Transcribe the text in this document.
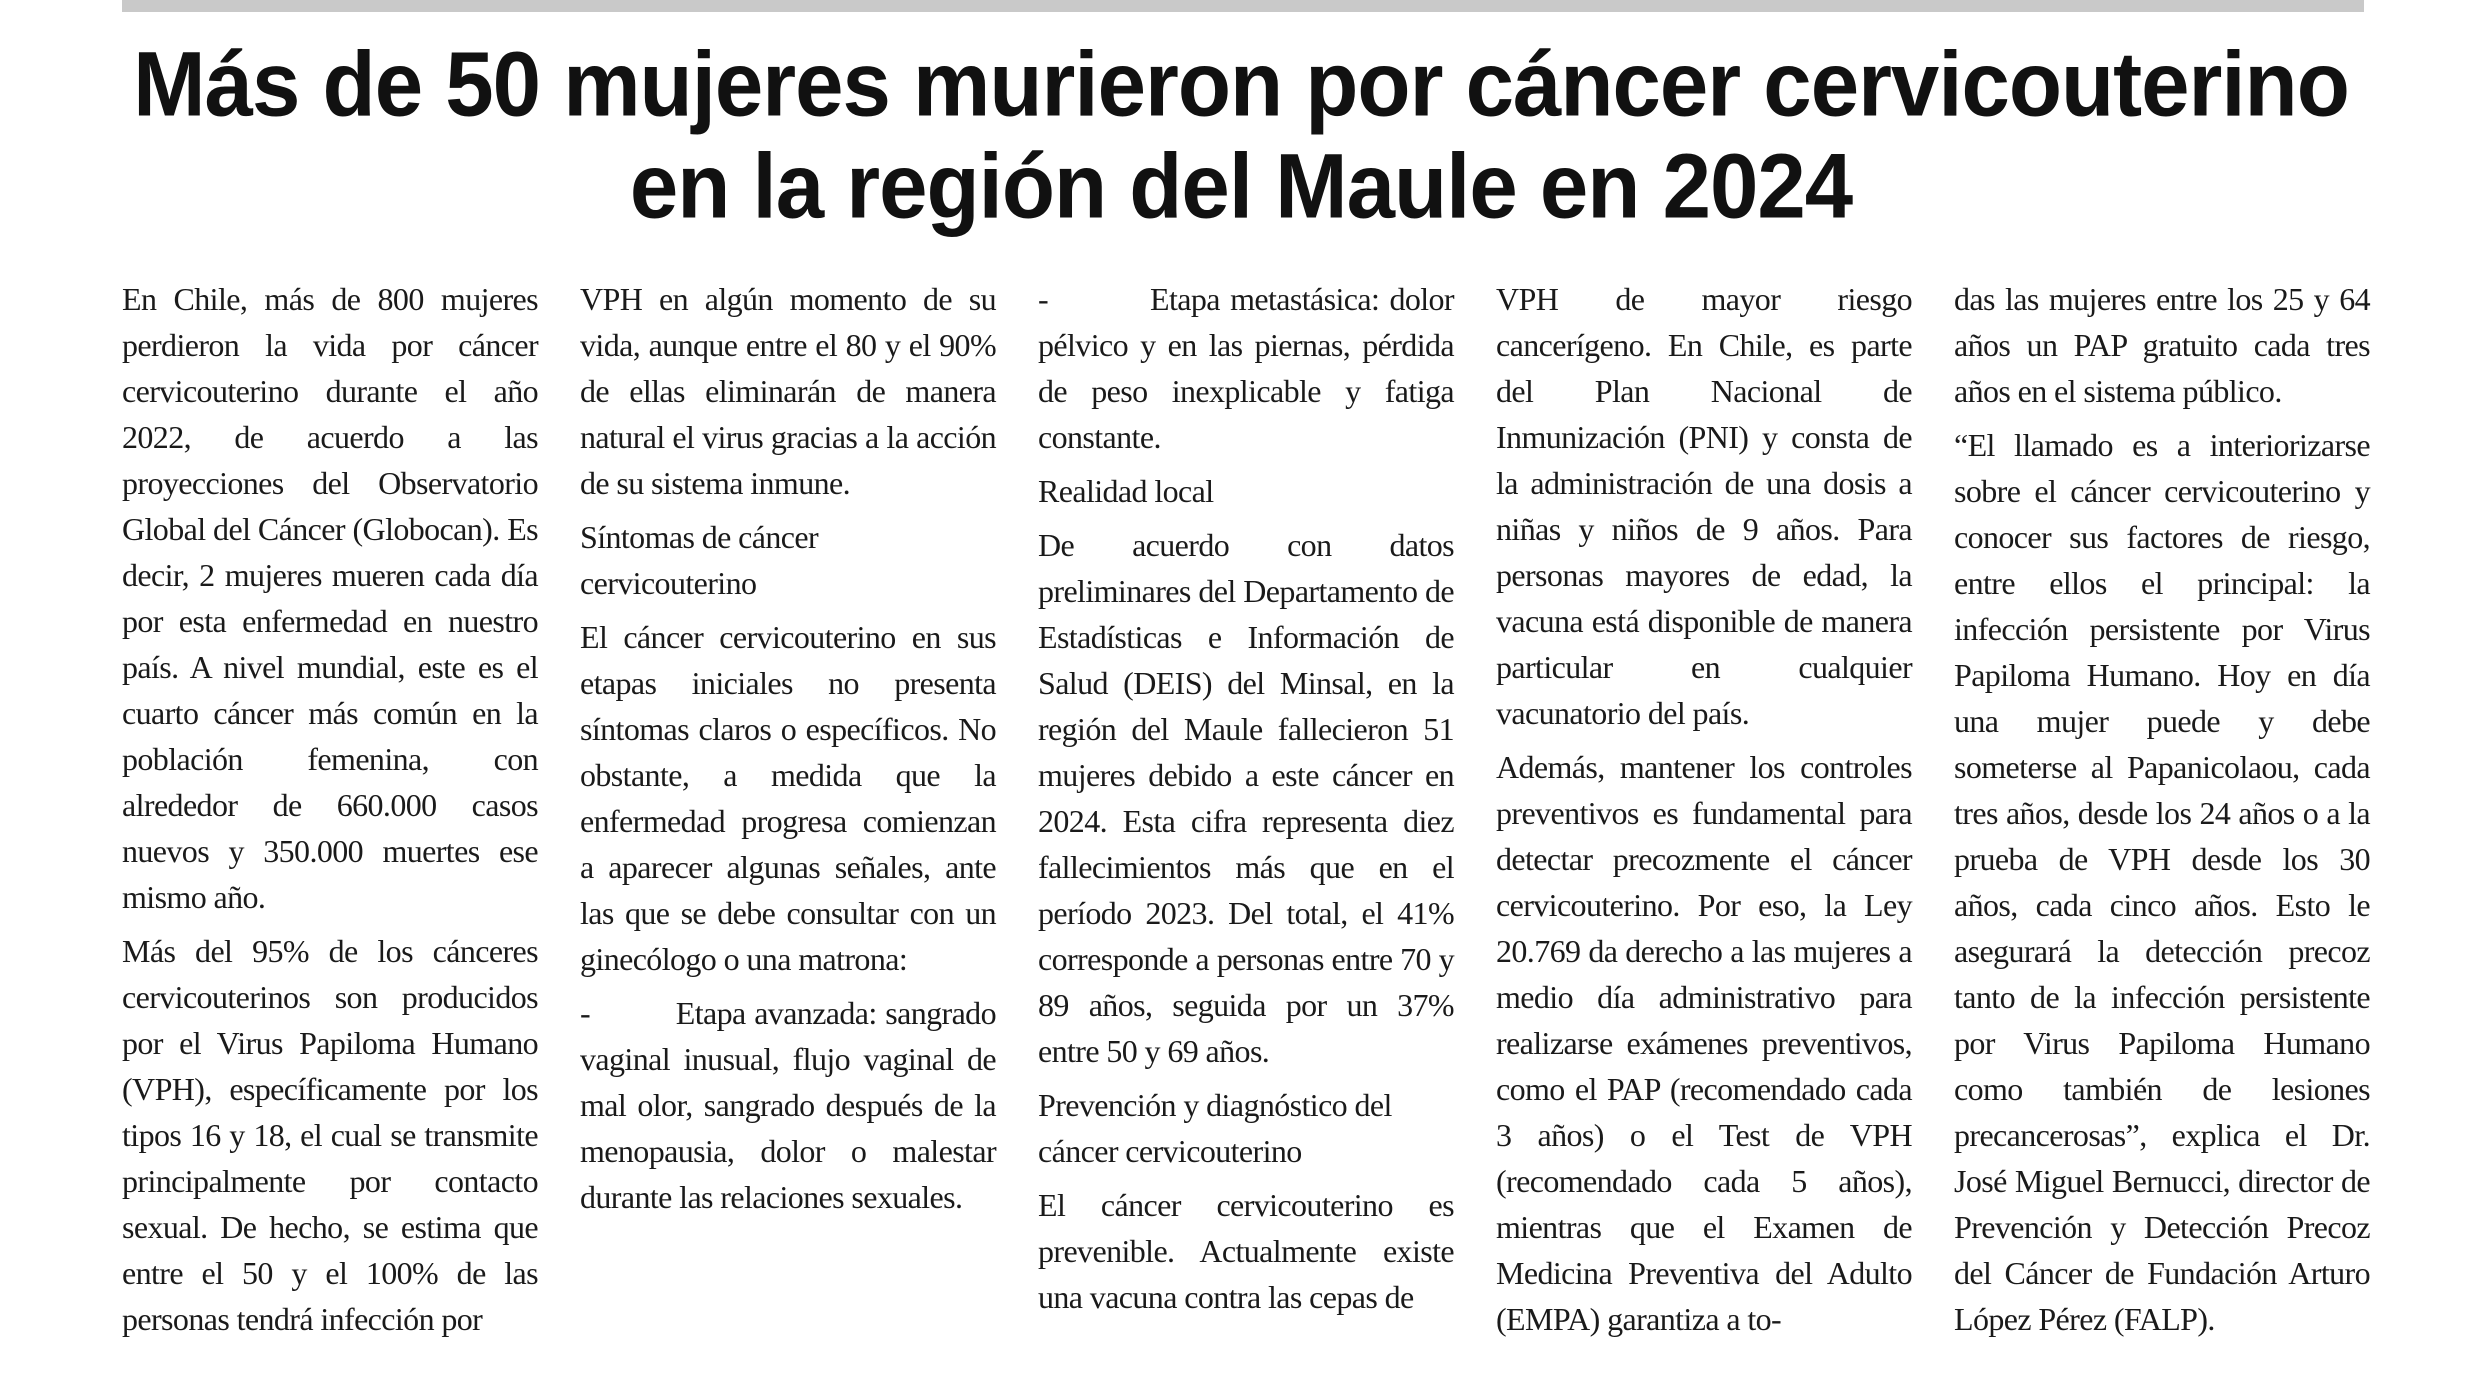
Más de 50 mujeres murieron por cáncer cervicouterino
en la región del Maule en 2024

En Chile, más de 800 mujeres perdieron la vida por cáncer cervicouterino durante el año 2022, de acuerdo a las proyecciones del Observatorio Global del Cáncer (Globocan). Es decir, 2 mujeres mueren cada día por esta enfermedad en nuestro país. A nivel mundial, este es el cuarto cáncer más común en la población femenina, con alrededor de 660.000 casos nuevos y 350.000 muertes ese mismo año.

Más del 95% de los cánceres cervicouterinos son producidos por el Virus Papiloma Humano (VPH), específicamente por los tipos 16 y 18, el cual se transmite principalmente por contacto sexual. De hecho, se estima que entre el 50 y el 100% de las personas tendrá infección por

VPH en algún momento de su vida, aunque entre el 80 y el 90% de ellas eliminarán de manera natural el virus gracias a la acción de su sistema inmune.

Síntomas de cáncer cervicouterino

El cáncer cervicouterino en sus etapas iniciales no presenta síntomas claros o específicos. No obstante, a medida que la enfermedad progresa comienzan a aparecer algunas señales, ante las que se debe consultar con un ginecólogo o una matrona:

-          Etapa avanzada: sangrado vaginal inusual, flujo vaginal de mal olor, sangrado después de la menopausia, dolor o malestar durante las relaciones sexuales.

-          Etapa metastásica: dolor pélvico y en las piernas, pérdida de peso inexplicable y fatiga constante.

Realidad local

De acuerdo con datos preliminares del Departamento de Estadísticas e Información de Salud (DEIS) del Minsal, en la región del Maule fallecieron 51 mujeres debido a este cáncer en 2024. Esta cifra representa diez fallecimientos más que en el período 2023. Del total, el 41% corresponde a personas entre 70 y 89 años, seguida por un 37% entre 50 y 69 años.

Prevención y diagnóstico del cáncer cervicouterino

El cáncer cervicouterino es prevenible. Actualmente existe una vacuna contra las cepas de

VPH de mayor riesgo cancerígeno. En Chile, es parte del Plan Nacional de Inmunización (PNI) y consta de la administración de una dosis a niñas y niños de 9 años. Para personas mayores de edad, la vacuna está disponible de manera particular en cualquier vacunatorio del país.

Además, mantener los controles preventivos es fundamental para detectar precozmente el cáncer cervicouterino. Por eso, la Ley 20.769 da derecho a las mujeres a medio día administrativo para realizarse exámenes preventivos, como el PAP (recomendado cada 3 años) o el Test de VPH (recomendado cada 5 años), mientras que el Examen de Medicina Preventiva del Adulto (EMPA) garantiza a to-

das las mujeres entre los 25 y 64 años un PAP gratuito cada tres años en el sistema público.

“El llamado es a interiorizarse sobre el cáncer cervicouterino y conocer sus factores de riesgo, entre ellos el principal: la infección persistente por Virus Papiloma Humano. Hoy en día una mujer puede y debe someterse al Papanicolaou, cada tres años, desde los 24 años o a la prueba de VPH desde los 30 años, cada cinco años. Esto le asegurará la detección precoz tanto de la infección persistente por Virus Papiloma Humano como también de lesiones precancerosas”, explica el Dr. José Miguel Bernucci, director de Prevención y Detección Precoz del Cáncer de Fundación Arturo López Pérez (FALP).
